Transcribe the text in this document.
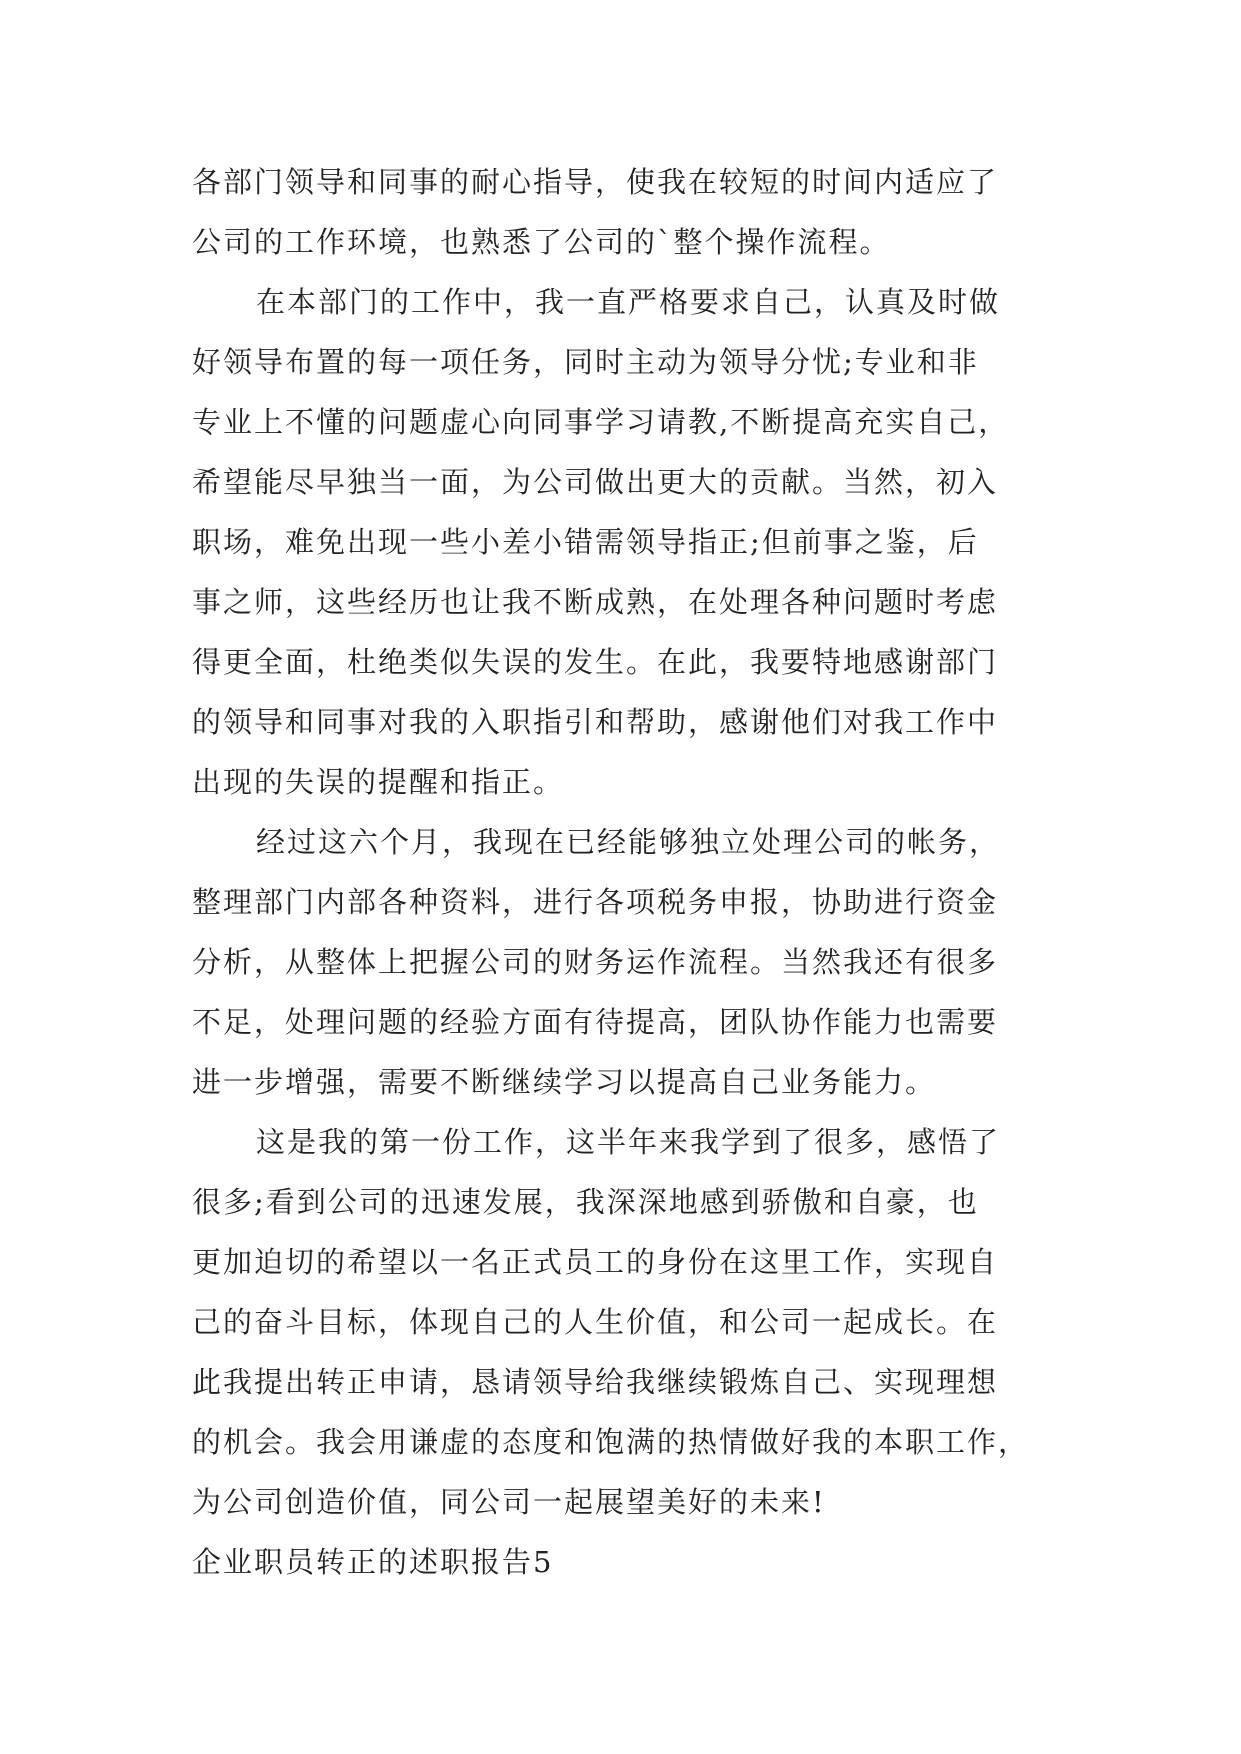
各部门领导和同事的耐心指导，使我在较短的时间内适应了
公司的工作环境，也熟悉了公司的`整个操作流程。
在本部门的工作中，我一直严格要求自己，认真及时做
好领导布置的每一项任务，同时主动为领导分忧;专业和非
专业上不懂的问题虚心向同事学习请教,不断提高充实自己，
希望能尽早独当一面，为公司做出更大的贡献。当然，初入
职场，难免出现一些小差小错需领导指正;但前事之鉴，后
事之师，这些经历也让我不断成熟，在处理各种问题时考虑
得更全面，杜绝类似失误的发生。在此，我要特地感谢部门
的领导和同事对我的入职指引和帮助，感谢他们对我工作中
出现的失误的提醒和指正。
经过这六个月，我现在已经能够独立处理公司的帐务，
整理部门内部各种资料，进行各项税务申报，协助进行资金
分析，从整体上把握公司的财务运作流程。当然我还有很多
不足，处理问题的经验方面有待提高，团队协作能力也需要
进一步增强，需要不断继续学习以提高自己业务能力。
这是我的第一份工作，这半年来我学到了很多，感悟了
很多;看到公司的迅速发展，我深深地感到骄傲和自豪，也
更加迫切的希望以一名正式员工的身份在这里工作，实现自
己的奋斗目标，体现自己的人生价值，和公司一起成长。在
此我提出转正申请，恳请领导给我继续锻炼自己、实现理想
的机会。我会用谦虚的态度和饱满的热情做好我的本职工作，
为公司创造价值，同公司一起展望美好的未来!
企业职员转正的述职报告5
